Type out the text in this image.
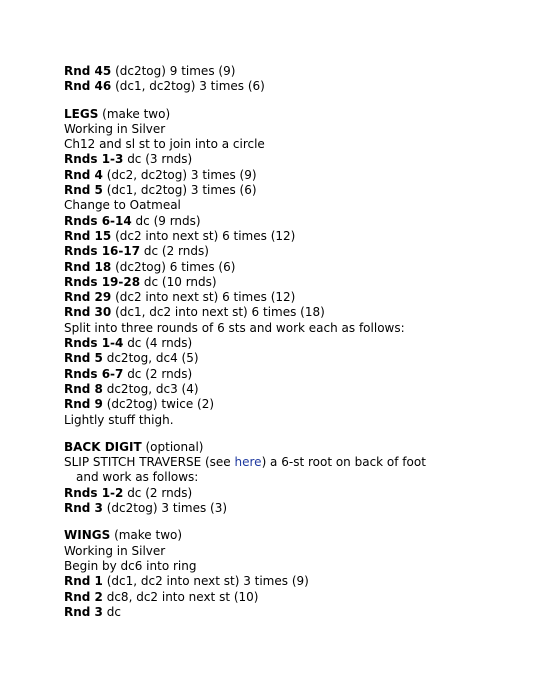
Rnd 45 (dc2tog) 9 times (9)
Rnd 46 (dc1, dc2tog) 3 times (6)
LEGS (make two)
Working in Silver
Ch12 and sl st to join into a circle
Rnds 1-3 dc (3 rnds)
Rnd 4 (dc2, dc2tog) 3 times (9)
Rnd 5 (dc1, dc2tog) 3 times (6)
Change to Oatmeal
Rnds 6-14 dc (9 rnds)
Rnd 15 (dc2 into next st) 6 times (12)
Rnds 16-17 dc (2 rnds)
Rnd 18 (dc2tog) 6 times (6)
Rnds 19-28 dc (10 rnds)
Rnd 29 (dc2 into next st) 6 times (12)
Rnd 30 (dc1, dc2 into next st) 6 times (18)
Split into three rounds of 6 sts and work each as follows:
Rnds 1-4 dc (4 rnds)
Rnd 5 dc2tog, dc4 (5)
Rnds 6-7 dc (2 rnds)
Rnd 8 dc2tog, dc3 (4)
Rnd 9 (dc2tog) twice (2)
Lightly stuff thigh.
BACK DIGIT (optional)
SLIP STITCH TRAVERSE (see here) a 6-st root on back of foot
and work as follows:
Rnds 1-2 dc (2 rnds)
Rnd 3 (dc2tog) 3 times (3)
WINGS (make two)
Working in Silver
Begin by dc6 into ring
Rnd 1 (dc1, dc2 into next st) 3 times (9)
Rnd 2 dc8, dc2 into next st (10)
Rnd 3 dc
